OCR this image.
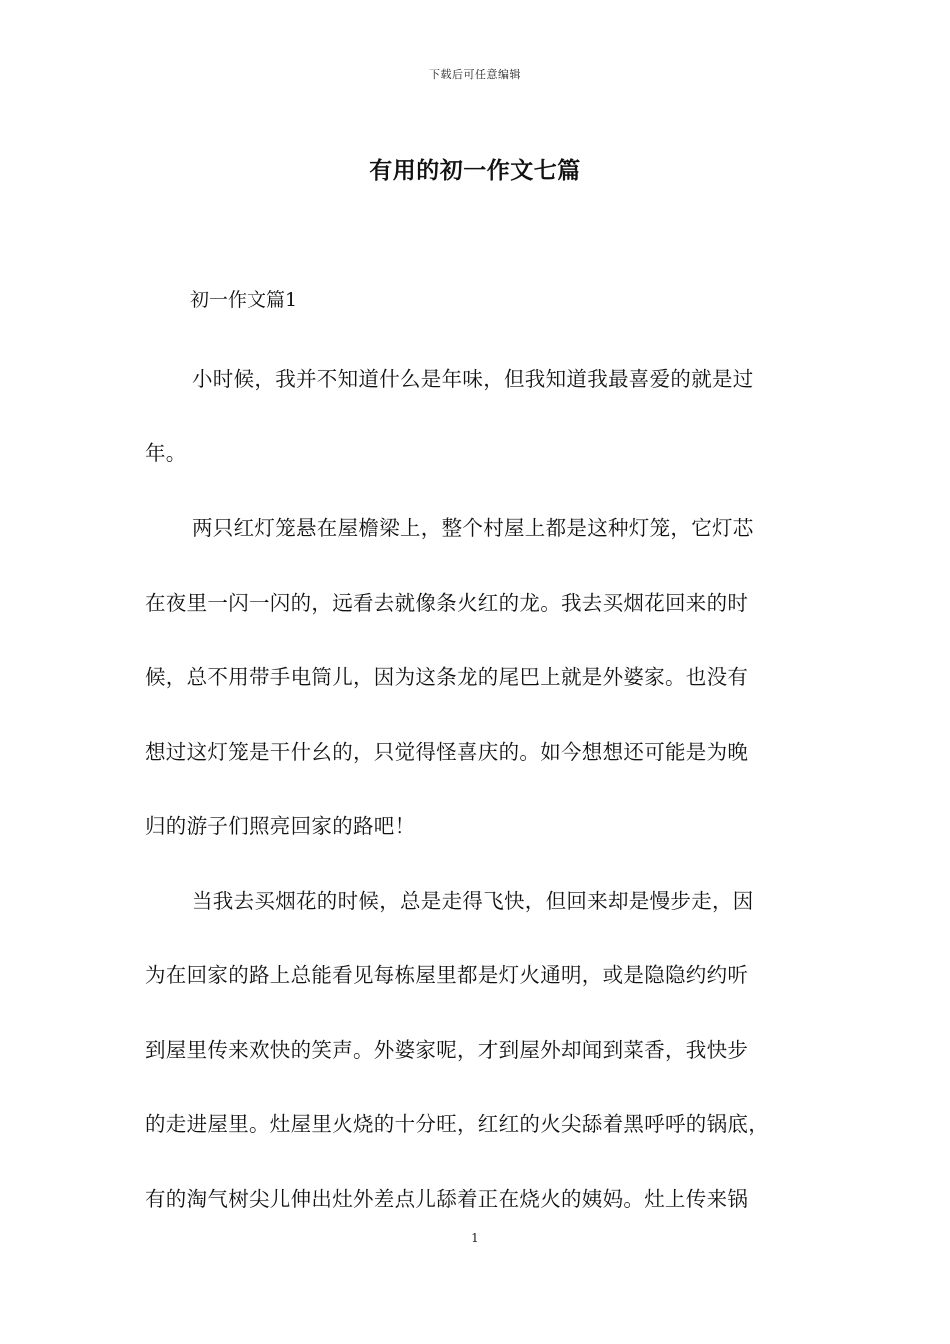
下载后可任意编辑
有用的初一作文七篇
初一作文篇1
小时候，我并不知道什么是年味，但我知道我最喜爱的就是过
年。
两只红灯笼悬在屋檐梁上，整个村屋上都是这种灯笼，它灯芯
在夜里一闪一闪的，远看去就像条火红的龙。我去买烟花回来的时
候，总不用带手电筒儿，因为这条龙的尾巴上就是外婆家。也没有
想过这灯笼是干什幺的，只觉得怪喜庆的。如今想想还可能是为晚
归的游子们照亮回家的路吧！
当我去买烟花的时候，总是走得飞快，但回来却是慢步走，因
为在回家的路上总能看见每栋屋里都是灯火通明，或是隐隐约约听
到屋里传来欢快的笑声。外婆家呢，才到屋外却闻到菜香，我快步
的走进屋里。灶屋里火烧的十分旺，红红的火尖舔着黑呼呼的锅底，
有的淘气树尖儿伸出灶外差点儿舔着正在烧火的姨妈。灶上传来锅
1
